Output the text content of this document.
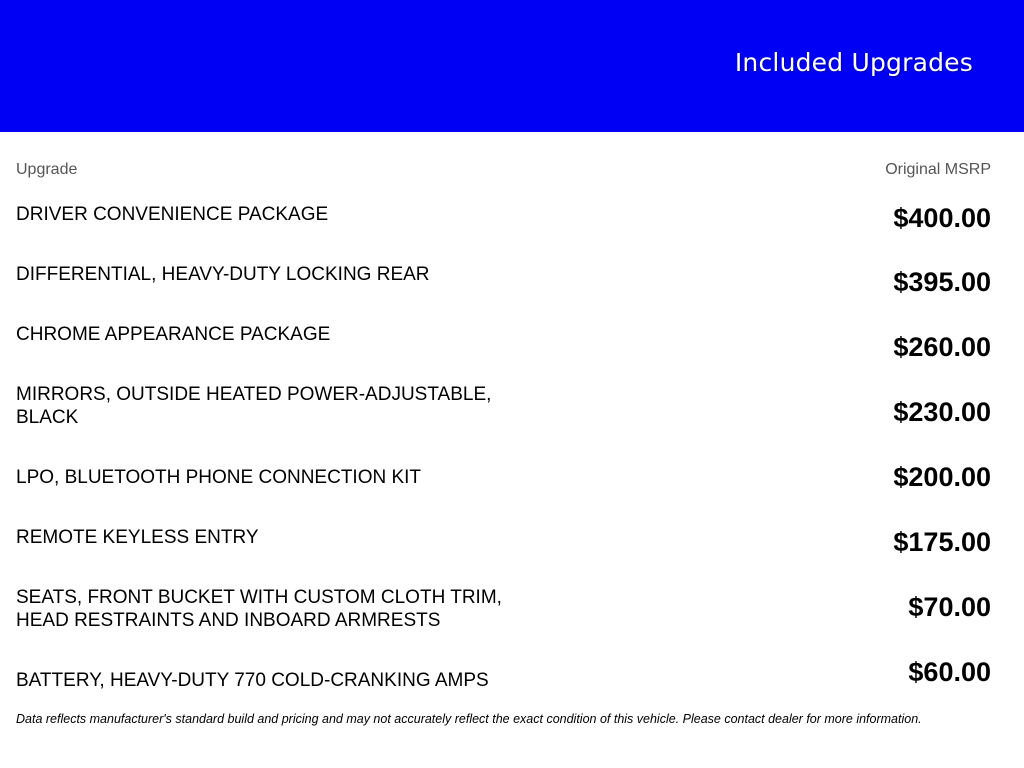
Included Upgrades
Upgrade	Original MSRP
DRIVER CONVENIENCE PACKAGE	$400.00
DIFFERENTIAL, HEAVY-DUTY LOCKING REAR	$395.00
CHROME APPEARANCE PACKAGE	$260.00
MIRRORS, OUTSIDE HEATED POWER-ADJUSTABLE, BLACK	$230.00
LPO, BLUETOOTH PHONE CONNECTION KIT	$200.00
REMOTE KEYLESS ENTRY	$175.00
SEATS, FRONT BUCKET WITH CUSTOM CLOTH TRIM, HEAD RESTRAINTS AND INBOARD ARMRESTS	$70.00
BATTERY, HEAVY-DUTY 770 COLD-CRANKING AMPS	$60.00
Data reflects manufacturer's standard build and pricing and may not accurately reflect the exact condition of this vehicle. Please contact dealer for more information.
